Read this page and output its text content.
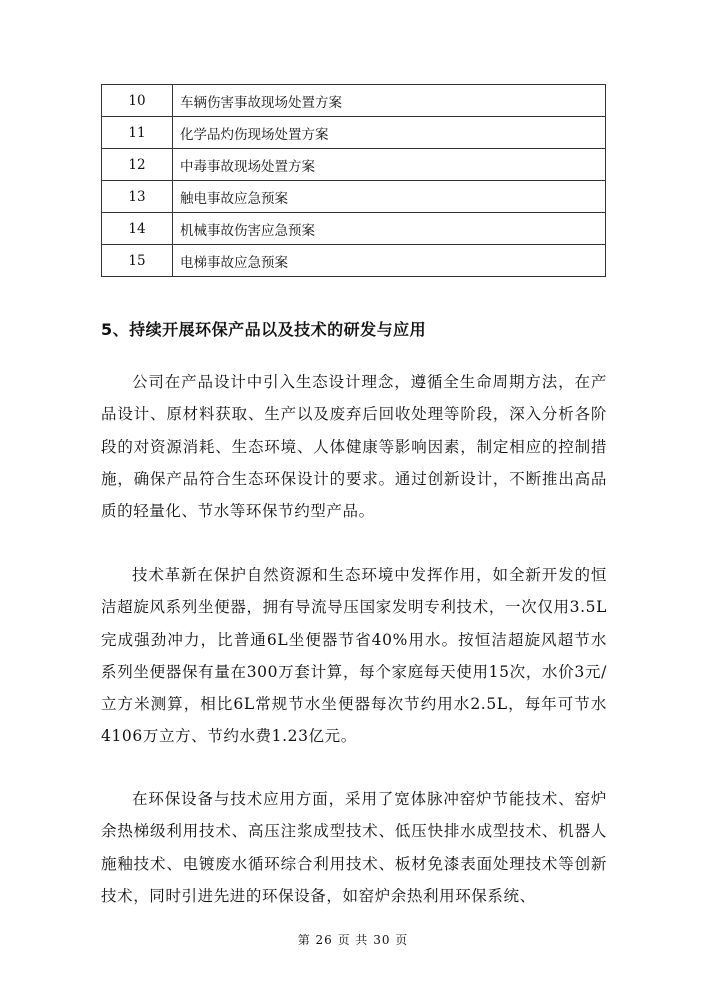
10	车辆伤害事故现场处置方案
11	化学品灼伤现场处置方案
12	中毒事故现场处置方案
13	触电事故应急预案
14	机械事故伤害应急预案
15	电梯事故应急预案
5、持续开展环保产品以及技术的研发与应用

公司在产品设计中引入生态设计理念，遵循全生命周期方法，在产品设计、原材料获取、生产以及废弃后回收处理等阶段，深入分析各阶段的对资源消耗、生态环境、人体健康等影响因素，制定相应的控制措施，确保产品符合生态环保设计的要求。通过创新设计，不断推出高品质的轻量化、节水等环保节约型产品。

技术革新在保护自然资源和生态环境中发挥作用，如全新开发的恒洁超旋风系列坐便器，拥有导流导压国家发明专利技术，一次仅用3.5L完成强劲冲力，比普通6L坐便器节省40%用水。按恒洁超旋风超节水系列坐便器保有量在300万套计算，每个家庭每天使用15次，水价3元/立方米测算，相比6L常规节水坐便器每次节约用水2.5L，每年可节水4106万立方、节约水费1.23亿元。

在环保设备与技术应用方面，采用了宽体脉冲窑炉节能技术、窑炉余热梯级利用技术、高压注浆成型技术、低压快排水成型技术、机器人施釉技术、电镀废水循环综合利用技术、板材免漆表面处理技术等创新技术，同时引进先进的环保设备，如窑炉余热利用环保系统、

第 26 页 共 30 页
